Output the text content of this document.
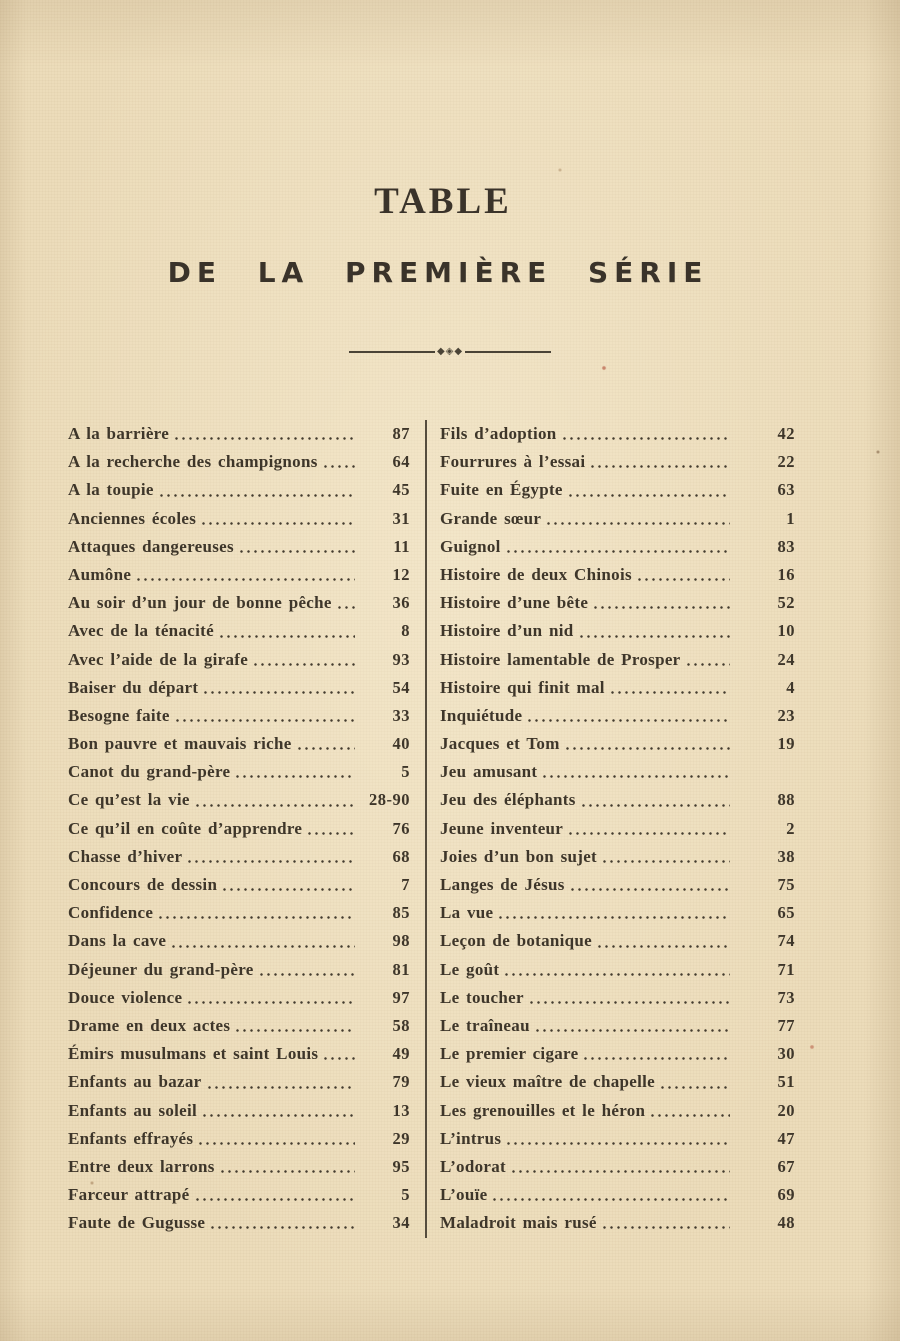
TABLE
DE LA PREMIÈRE SÉRIE
◆◈◆
A la barrière	87
A la recherche des champignons	64
A la toupie	45
Anciennes écoles	31
Attaques dangereuses	11
Aumône	12
Au soir d’un jour de bonne pêche	36
Avec de la ténacité	8
Avec l’aide de la girafe	93
Baiser du départ	54
Besogne faite	33
Bon pauvre et mauvais riche	40
Canot du grand-père	5
Ce qu’est la vie	28-90
Ce qu’il en coûte d’apprendre	76
Chasse d’hiver	68
Concours de dessin	7
Confidence	85
Dans la cave	98
Déjeuner du grand-père	81
Douce violence	97
Drame en deux actes	58
Émirs musulmans et saint Louis	49
Enfants au bazar	79
Enfants au soleil	13
Enfants effrayés	29
Entre deux larrons	95
Farceur attrapé	5
Faute de Gugusse	34
Fils d’adoption	42
Fourrures à l’essai	22
Fuite en Égypte	63
Grande sœur	1
Guignol	83
Histoire de deux Chinois	16
Histoire d’une bête	52
Histoire d’un nid	10
Histoire lamentable de Prosper	24
Histoire qui finit mal	4
Inquiétude	23
Jacques et Tom	19
Jeu amusant
Jeu des éléphants	88
Jeune inventeur	2
Joies d’un bon sujet	38
Langes de Jésus	75
La vue	65
Leçon de botanique	74
Le goût	71
Le toucher	73
Le traîneau	77
Le premier cigare	30
Le vieux maître de chapelle	51
Les grenouilles et le héron	20
L’intrus	47
L’odorat	67
L’ouïe	69
Maladroit mais rusé	48
